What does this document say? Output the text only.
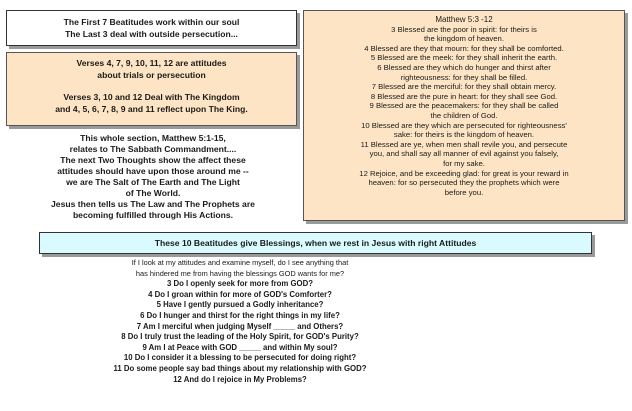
The First 7 Beatitudes work within our soul
The Last 3 deal with outside persecution...
Verses 4, 7, 9, 10, 11, 12 are attitudes
about trials or persecution
Verses 3, 10 and 12 Deal with The Kingdom
and 4, 5, 6, 7, 8, 9 and 11 reflect upon The King.
Matthew 5:3 -12
3 Blessed are the poor in spirit: for theirs is
the kingdom of heaven.
4 Blessed are they that mourn: for they shall be comforted.
5 Blessed are the meek: for they shall inherit the earth.
6 Blessed are they which do hunger and thirst after
righteousness: for they shall be filled.
7 Blessed are the merciful: for they shall obtain mercy.
8 Blessed are the pure in heart: for they shall see God.
9 Blessed are the peacemakers: for they shall be called
the children of God.
10 Blessed are they which are persecuted for righteousness'
sake: for theirs is the kingdom of heaven.
11 Blessed are ye, when men shall revile you, and persecute
you, and shall say all manner of evil against you falsely,
for my sake.
12 Rejoice, and be exceeding glad: for great is your reward in
heaven: for so persecuted they the prophets which were
before you.
This whole section, Matthew 5:1-15,
relates to The Sabbath Commandment....
The next Two Thoughts show the affect these
attitudes should have upon those around me --
we are The Salt of The Earth and The Light
of The World.
Jesus then tells us The Law and The Prophets are
becoming fulfilled through His Actions.
These 10 Beatitudes give Blessings, when we rest in Jesus with right Attitudes
If I look at my attitudes and examine myself, do I see anything that
has hindered me from having the blessings GOD wants for me?
3 Do I openly seek for more from GOD?
4 Do I groan within for more of GOD's Comforter?
5 Have I gently pursued a Godly inheritance?
6 Do I hunger and thirst for the right things in my life?
7 Am I merciful when judging Myself _____ and Others?
8 Do I truly trust the leading of the Holy Spirit, for GOD's Purity?
9 Am I at Peace with GOD _____ and within My soul?
10 Do I consider it a blessing to be persecuted for doing right?
11 Do some people say bad things about my relationship with GOD?
12 And do I rejoice in My Problems?
